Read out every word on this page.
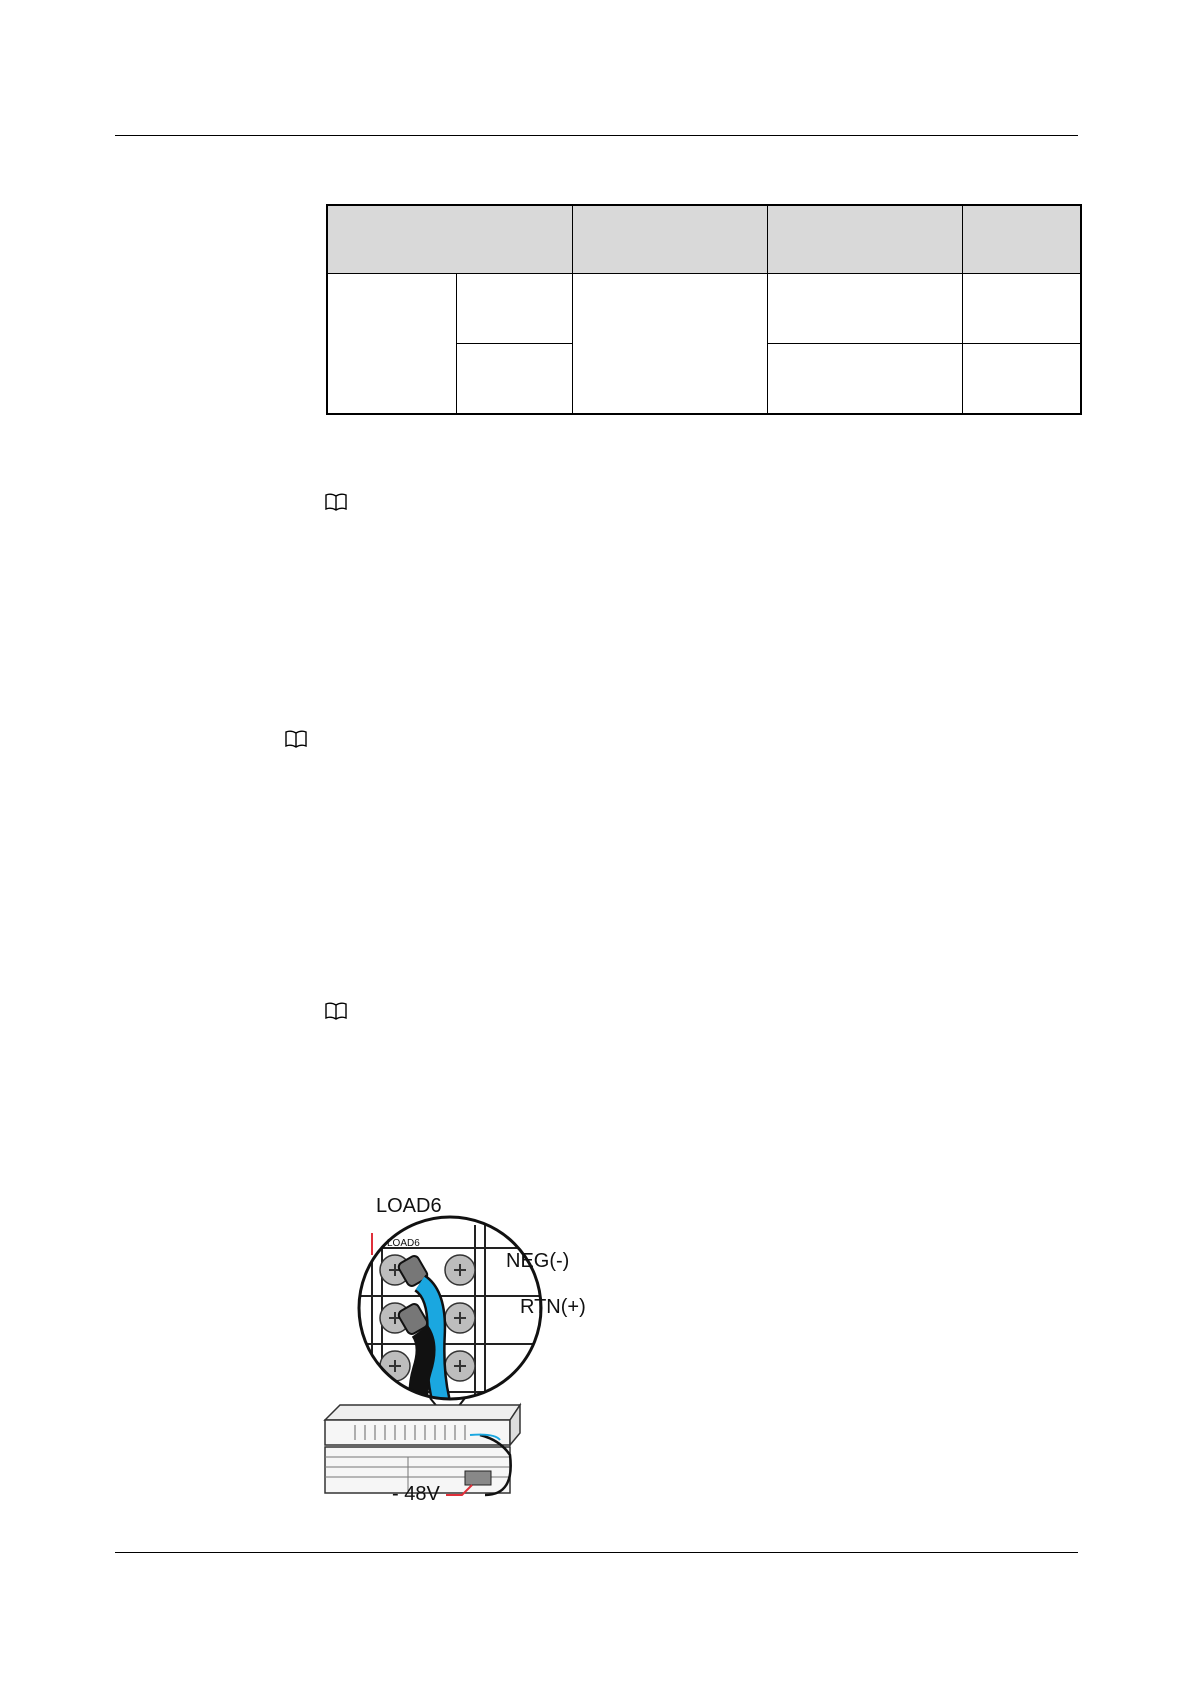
LOAD6
LOAD6
NEG(-)
RTN(+)
- 48V
